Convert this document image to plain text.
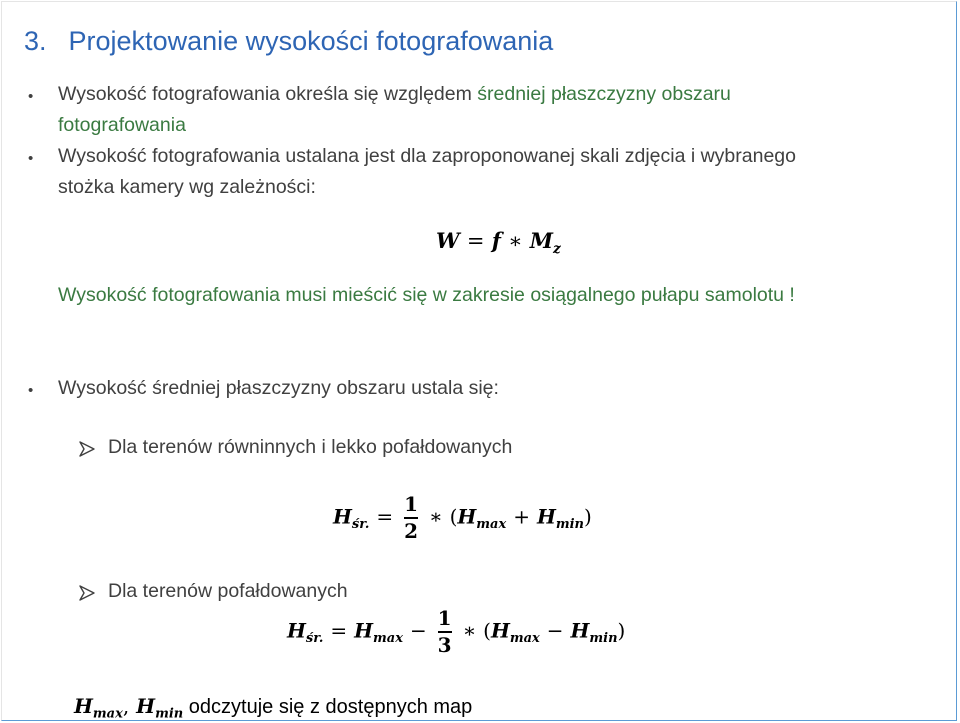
3. Projektowanie wysokości fotografowania
• Wysokość fotografowania określa się względem średniej płaszczyzny obszaru
fotografowania
• Wysokość fotografowania ustalana jest dla zaproponowanej skali zdjęcia i wybranego
stożka kamery wg zależności:
W = f ∗ $M_z$
Wysokość fotografowania musi mieścić się w zakresie osiągalnego pułapu samolotu !
• Wysokość średniej płaszczyzny obszaru ustala się:
Dla terenów równinnych i lekko pofałdowanych
$H_{śr.} = \frac{1}{2}$ ∗ $(H_{max} + H_{min})$
Dla terenów pofałdowanych
$H_{śr.} = H_{max} - \frac{1}{3}$ ∗ $(H_{max} - H_{min})$
$H_{max}$, $H_{min}$ odczytuje się z dostępnych map
